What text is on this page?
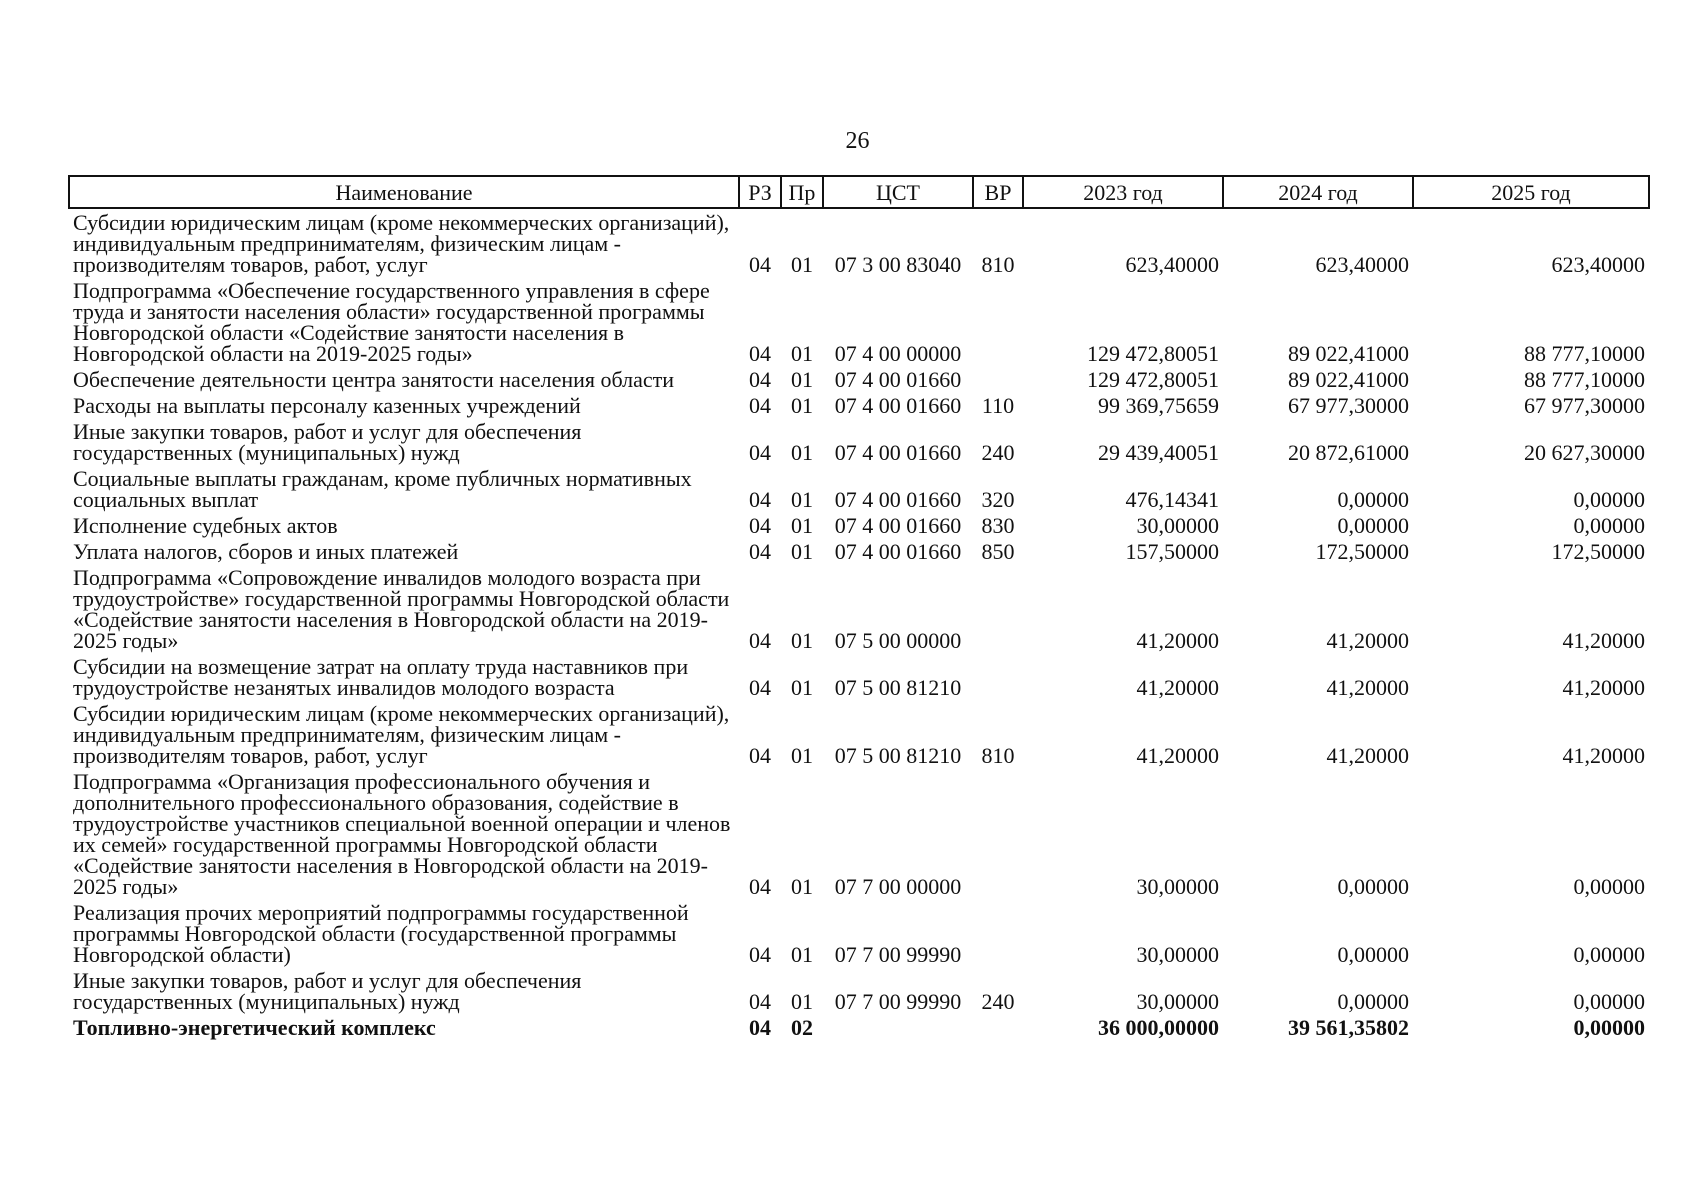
26
Наименование	РЗ	Пр	ЦСТ	ВР	2023 год	2024 год	2025 год
Субсидии юридическим лицам (кроме некоммерческих организаций), индивидуальным предпринимателям, физическим лицам - производителям товаров, работ, услуг	04	01	07 3 00 83040	810	623,40000	623,40000	623,40000
Подпрограмма «Обеспечение государственного управления в сфере труда и занятости населения области» государственной программы Новгородской области «Содействие занятости населения в Новгородской области на 2019-2025 годы»	04	01	07 4 00 00000		129 472,80051	89 022,41000	88 777,10000
Обеспечение деятельности центра занятости населения области	04	01	07 4 00 01660		129 472,80051	89 022,41000	88 777,10000
Расходы на выплаты персоналу казенных учреждений	04	01	07 4 00 01660	110	99 369,75659	67 977,30000	67 977,30000
Иные закупки товаров, работ и услуг для обеспечения государственных (муниципальных) нужд	04	01	07 4 00 01660	240	29 439,40051	20 872,61000	20 627,30000
Социальные выплаты гражданам, кроме публичных нормативных социальных выплат	04	01	07 4 00 01660	320	476,14341	0,00000	0,00000
Исполнение судебных актов	04	01	07 4 00 01660	830	30,00000	0,00000	0,00000
Уплата налогов, сборов и иных платежей	04	01	07 4 00 01660	850	157,50000	172,50000	172,50000
Подпрограмма «Сопровождение инвалидов молодого возраста при трудоустройстве» государственной программы Новгородской области «Содействие занятости населения в Новгородской области на 2019-2025 годы»	04	01	07 5 00 00000		41,20000	41,20000	41,20000
Субсидии на возмещение затрат на оплату труда наставников при трудоустройстве незанятых инвалидов молодого возраста	04	01	07 5 00 81210		41,20000	41,20000	41,20000
Субсидии юридическим лицам (кроме некоммерческих организаций), индивидуальным предпринимателям, физическим лицам - производителям товаров, работ, услуг	04	01	07 5 00 81210	810	41,20000	41,20000	41,20000
Подпрограмма «Организация профессионального обучения и дополнительного профессионального образования, содействие в трудоустройстве участников специальной военной операции и членов их семей» государственной программы Новгородской области «Содействие занятости населения в Новгородской области на 2019-2025 годы»	04	01	07 7 00 00000		30,00000	0,00000	0,00000
Реализация прочих мероприятий подпрограммы государственной программы Новгородской области (государственной программы Новгородской области)	04	01	07 7 00 99990		30,00000	0,00000	0,00000
Иные закупки товаров, работ и услуг для обеспечения государственных (муниципальных) нужд	04	01	07 7 00 99990	240	30,00000	0,00000	0,00000
Топливно-энергетический комплекс	04	02			36 000,00000	39 561,35802	0,00000
